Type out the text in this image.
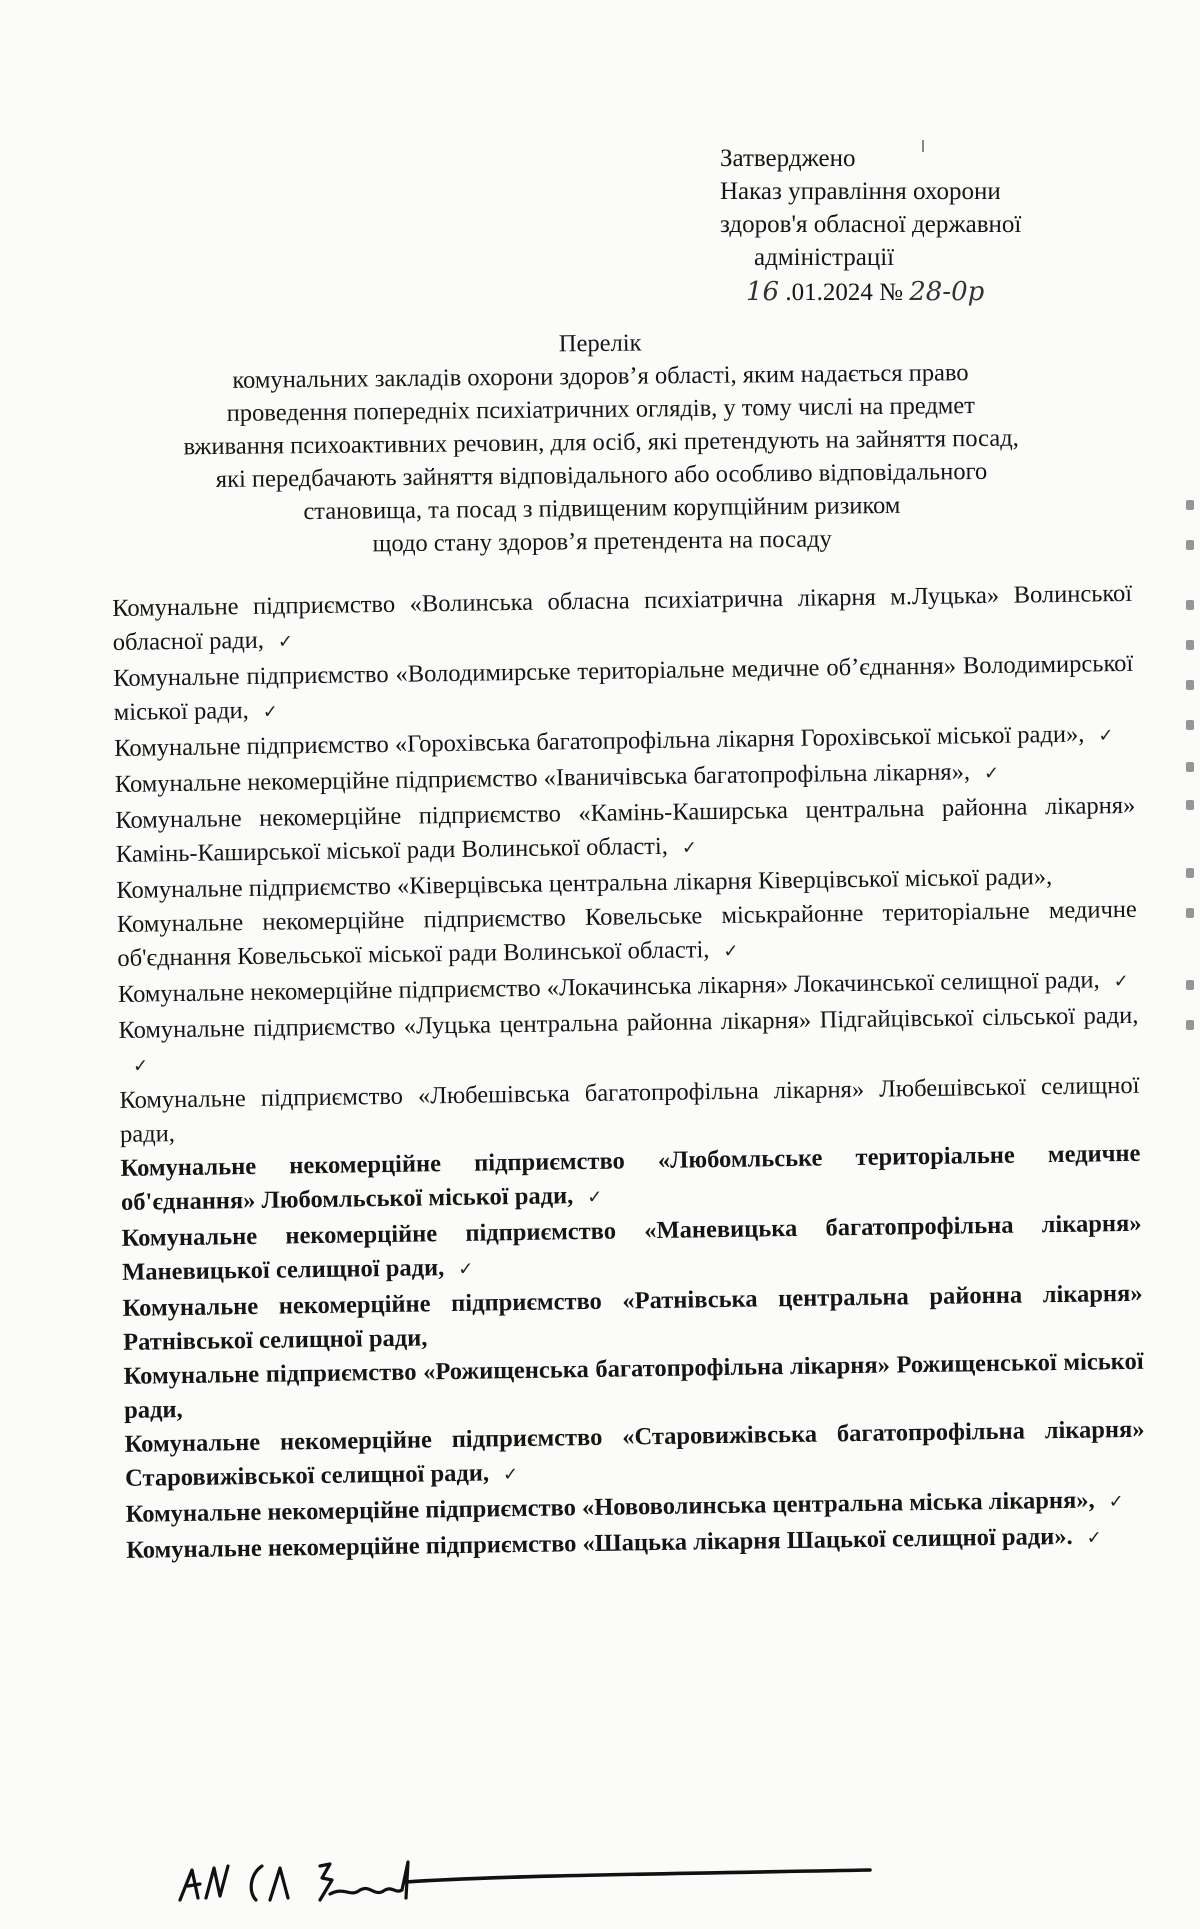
Затверджено
Наказ управління охорони
здоров'я обласної державної
адміністрації
16 .01.2024 № 28-0р
Перелік
комунальних закладів охорони здоров’я області, яким надається право
проведення попередніх психіатричних оглядів, у тому числі на предмет
вживання психоактивних речовин, для осіб, які претендують на зайняття посад,
які передбачають зайняття відповідального або особливо відповідального
становища, та посад з підвищеним корупційним ризиком
щодо стану здоров’я претендента на посаду

Комунальне підприємство «Волинська обласна психіатрична лікарня м.Луцька» Волинської обласної ради, ✓

Комунальне підприємство «Володимирське територіальне медичне об’єднання» Володимирської міської ради, ✓

Комунальне підприємство «Горохівська багатопрофільна лікарня Горохівської міської ради», ✓

Комунальне некомерційне підприємство «Іваничівська багатопрофільна лікарня», ✓

Комунальне некомерційне підприємство «Камінь-Каширська центральна районна лікарня» Камінь-Каширської міської ради Волинської області, ✓

Комунальне підприємство «Ківерцівська центральна лікарня Ківерцівської міської ради»,

Комунальне некомерційне підприємство Ковельське міськрайонне територіальне медичне об'єднання Ковельської міської ради Волинської області, ✓

Комунальне некомерційне підприємство «Локачинська лікарня» Локачинської селищної ради, ✓

Комунальне підприємство «Луцька центральна районна лікарня» Підгайцівської сільської ради,✓

Комунальне підприємство «Любешівська багатопрофільна лікарня» Любешівської селищної ради,

Комунальне некомерційне підприємство «Любомльське територіальне медичне об'єднання» Любомльської міської ради, ✓

Комунальне некомерційне підприємство «Маневицька багатопрофільна лікарня» Маневицької селищної ради, ✓

Комунальне некомерційне підприємство «Ратнівська центральна районна лікарня» Ратнівської селищної ради,

Комунальне підприємство «Рожищенська багатопрофільна лікарня» Рожищенської міської ради,

Комунальне некомерційне підприємство «Старовижівська багатопрофільна лікарня» Старовижівської селищної ради, ✓

Комунальне некомерційне підприємство «Нововолинська центральна міська лікарня», ✓

Комунальне некомерційне підприємство «Шацька лікарня Шацької селищної ради». ✓
